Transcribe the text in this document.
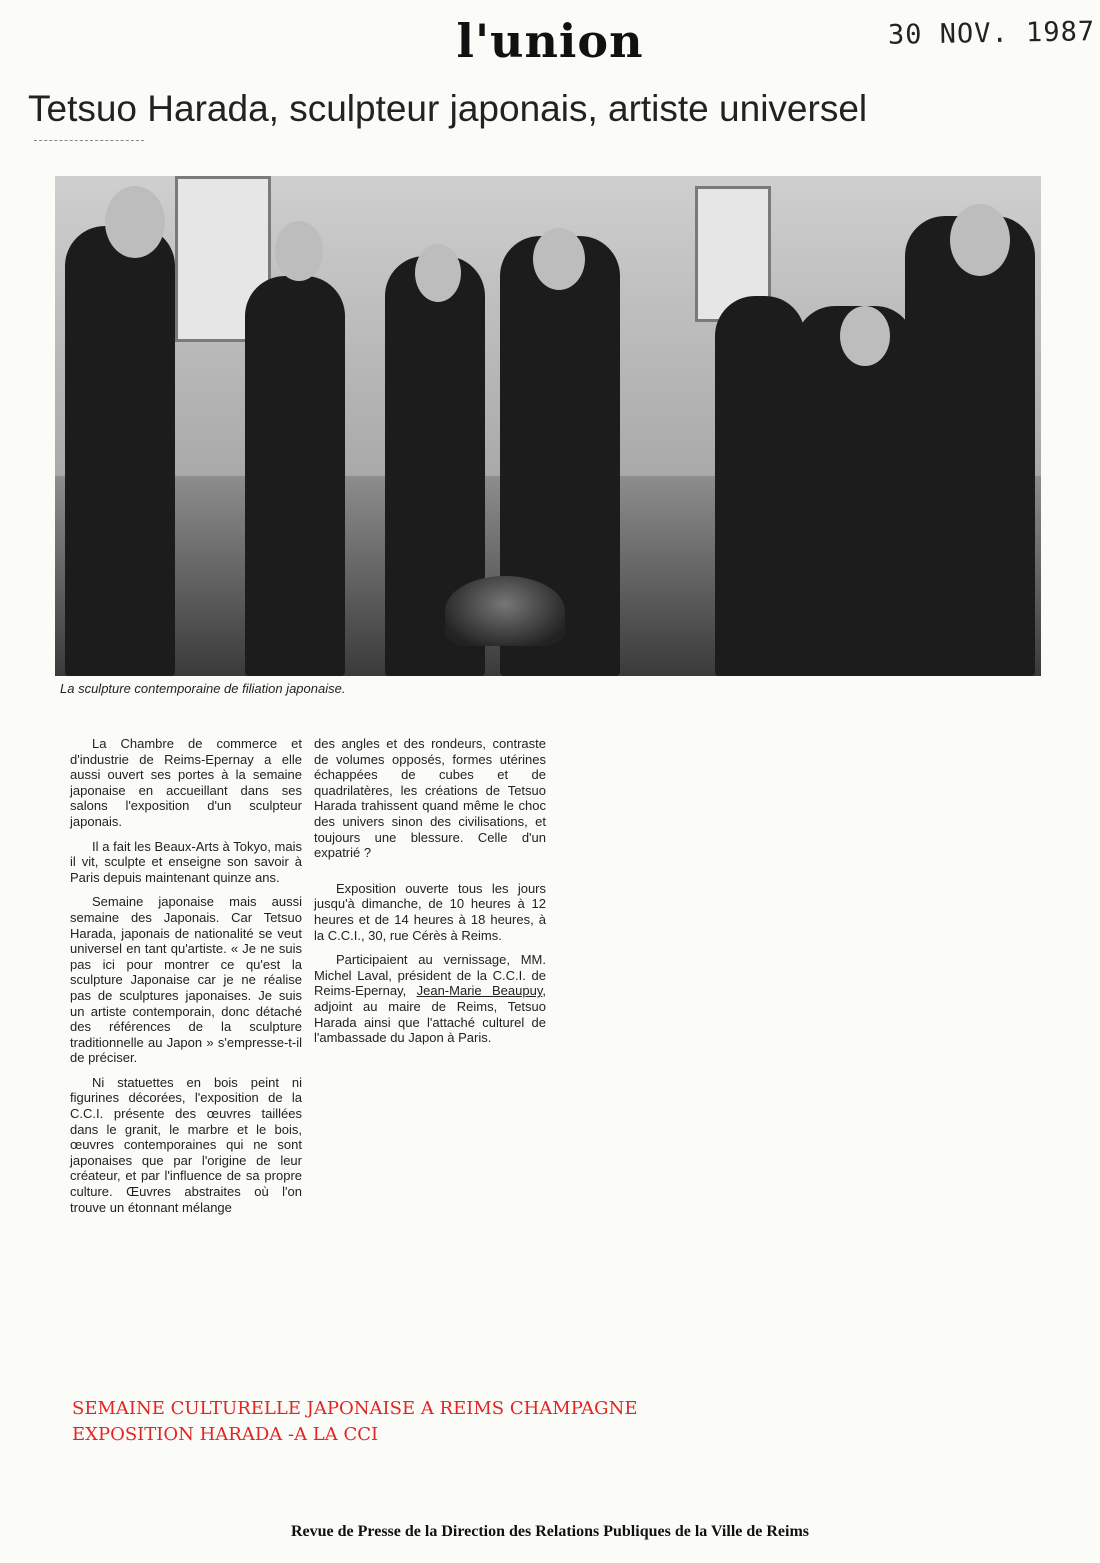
l'union	30 NOV. 1987
Tetsuo Harada, sculpteur japonais, artiste universel
La sculpture contemporaine de filiation japonaise.

La Chambre de commerce et d'industrie de Reims-Epernay a elle aussi ouvert ses portes à la semaine japonaise en accueillant dans ses salons l'exposition d'un sculpteur japonais.

Il a fait les Beaux-Arts à Tokyo, mais il vit, sculpte et enseigne son savoir à Paris depuis maintenant quinze ans.

Semaine japonaise mais aussi semaine des Japonais. Car Tetsuo Harada, japonais de nationalité se veut universel en tant qu'artiste. « Je ne suis pas ici pour montrer ce qu'est la sculpture Japonaise car je ne réalise pas de sculptures japonaises. Je suis un artiste contemporain, donc détaché des références de la sculpture traditionnelle au Japon » s'empresse-t-il de préciser.

Ni statuettes en bois peint ni figurines décorées, l'exposition de la C.C.I. présente des œuvres taillées dans le granit, le marbre et le bois, œuvres contemporaines qui ne sont japonaises que par l'origine de leur créateur, et par l'influence de sa propre culture. Œuvres abstraites où l'on trouve un étonnant mélange

des angles et des rondeurs, contraste de volumes opposés, formes utérines échappées de cubes et de quadrilatères, les créations de Tetsuo Harada trahissent quand même le choc des univers sinon des civilisations, et toujours une blessure. Celle d'un expatrié ?

Exposition ouverte tous les jours jusqu'à dimanche, de 10 heures à 12 heures et de 14 heures à 18 heures, à la C.C.I., 30, rue Cérès à Reims.

Participaient au vernissage, MM. Michel Laval, président de la C.C.I. de Reims-Epernay, Jean-Marie Beaupuy, adjoint au maire de Reims, Tetsuo Harada ainsi que l'attaché culturel de l'ambassade du Japon à Paris.

SEMAINE CULTURELLE JAPONAISE A REIMS CHAMPAGNE
EXPOSITION HARADA -A LA CCI
Revue de Presse de la Direction des Relations Publiques de la Ville de Reims
